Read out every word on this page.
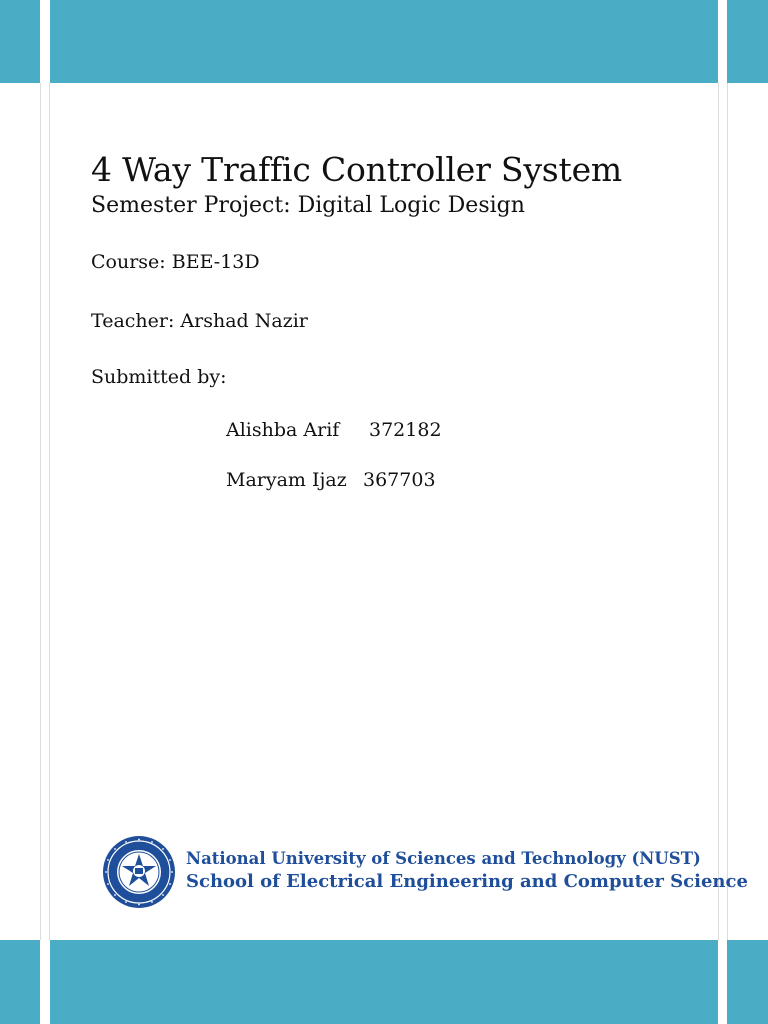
4 Way Traffic Controller System
Semester Project: Digital Logic Design
Course: BEE-13D
Teacher: Arshad Nazir
Submitted by:
Alishba Arif 372182
Maryam Ijaz 367703
National University of Sciences and Technology (NUST)
School of Electrical Engineering and Computer Science
